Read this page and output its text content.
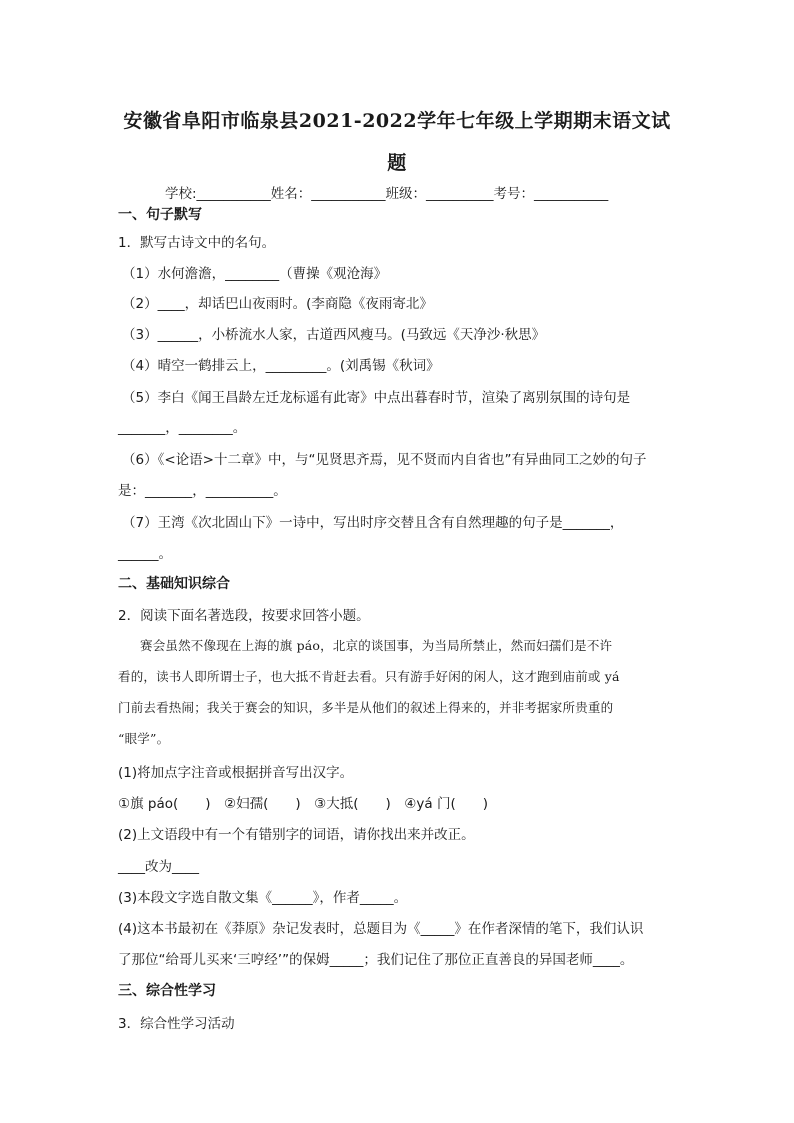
安徽省阜阳市临泉县2021-2022学年七年级上学期期末语文试
题
学校:___________姓名：___________班级：__________考号：___________
一、句子默写
1．默写古诗文中的名句。
（1）水何澹澹，________（曹操《观沧海》
（2）____，却话巴山夜雨时。(李商隐《夜雨寄北》
（3）______，小桥流水人家，古道西风瘦马。(马致远《天净沙·秋思》
（4）晴空一鹤排云上，_________。(刘禹锡《秋词》
（5）李白《闻王昌龄左迁龙标遥有此寄》中点出暮春时节，渲染了离别氛围的诗句是
_______，________。
（6）《<论语>十二章》中，与“见贤思齐焉，见不贤而内自省也”有异曲同工之妙的句子
是：_______，__________。
（7）王湾《次北固山下》一诗中，写出时序交替且含有自然理趣的句子是_______，
______。
二、基础知识综合
2．阅读下面名著选段，按要求回答小题。
赛会虽然不像现在上海的旗 páo，北京的谈国事，为当局所禁止，然而妇孺们是不许
看的，读书人即所谓士子，也大抵不肯赶去看。只有游手好闲的闲人，这才跑到庙前或 yá
门前去看热闹；我关于赛会的知识，多半是从他们的叙述上得来的，并非考据家所贵重的
“眼学”。
(1)将加点字注音或根据拼音写出汉字。
①旗 páo(　　)　②妇孺(　　)　③大抵(　　)　④yá 门(　　)
(2)上文语段中有一个有错别字的词语，请你找出来并改正。
____改为____
(3)本段文字选自散文集《______》，作者_____。
(4)这本书最初在《莽原》杂记发表时，总题目为《_____》在作者深情的笔下，我们认识
了那位“给哥儿买来‘三哼经’”的保姆_____；我们记住了那位正直善良的异国老师____。
三、综合性学习
3．综合性学习活动
